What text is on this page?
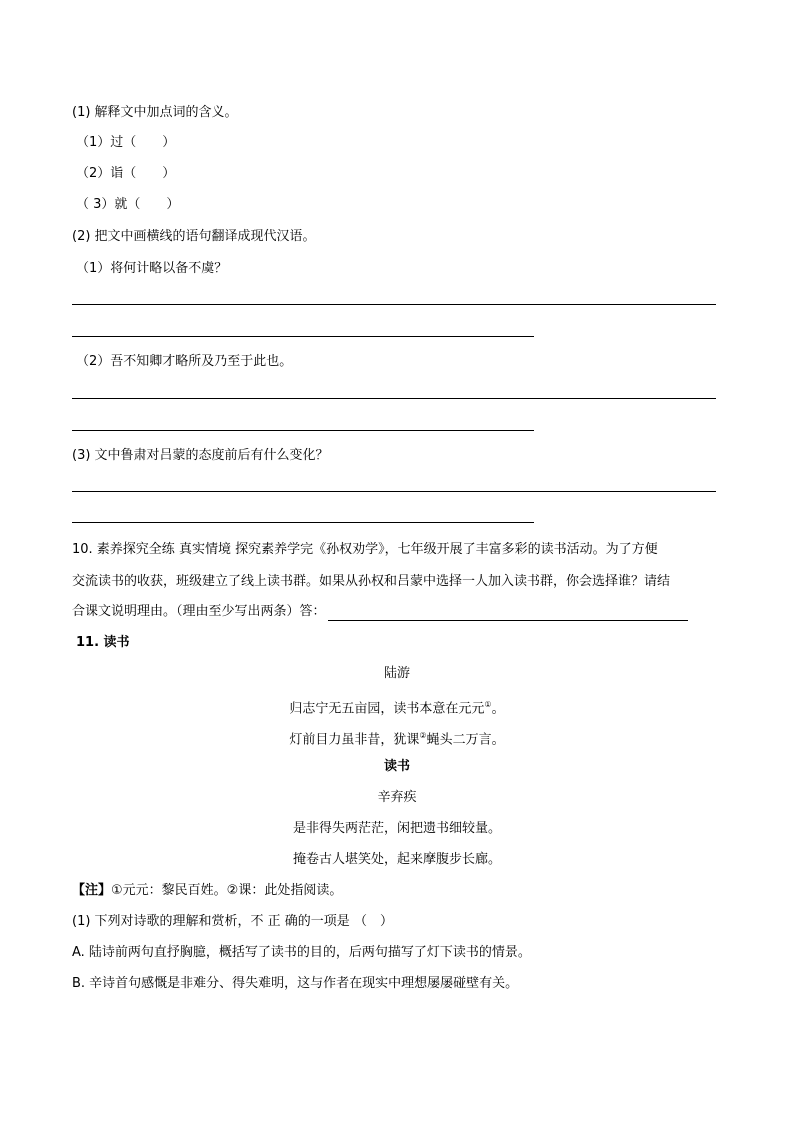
(1) 解释文中加点词的含义。
（1）过（　　）
（2）诣（　　）
（ 3）就（　　）
(2) 把文中画横线的语句翻译成现代汉语。
（1）将何计略以备不虞？
（2）吾不知卿才略所及乃至于此也。
(3) 文中鲁肃对吕蒙的态度前后有什么变化？
10. 素养探究全练 真实情境 探究素养学完《孙权劝学》，七年级开展了丰富多彩的读书活动。为了方便
交流读书的收获，班级建立了线上读书群。如果从孙权和吕蒙中选择一人加入读书群，你会选择谁？请结
合课文说明理由。（理由至少写出两条）答：
11. 读书
陆游
归志宁无五亩园，读书本意在元元①。
灯前目力虽非昔，犹课②蝇头二万言。
读书
辛弃疾
是非得失两茫茫，闲把遗书细较量。
掩卷古人堪笑处，起来摩腹步长廊。
【注】①元元：黎民百姓。②课：此处指阅读。
(1) 下列对诗歌的理解和赏析，不 正 确的一项是 （　）
A. 陆诗前两句直抒胸臆，概括写了读书的目的，后两句描写了灯下读书的情景。
B. 辛诗首句感慨是非难分、得失难明，这与作者在现实中理想屡屡碰壁有关。
